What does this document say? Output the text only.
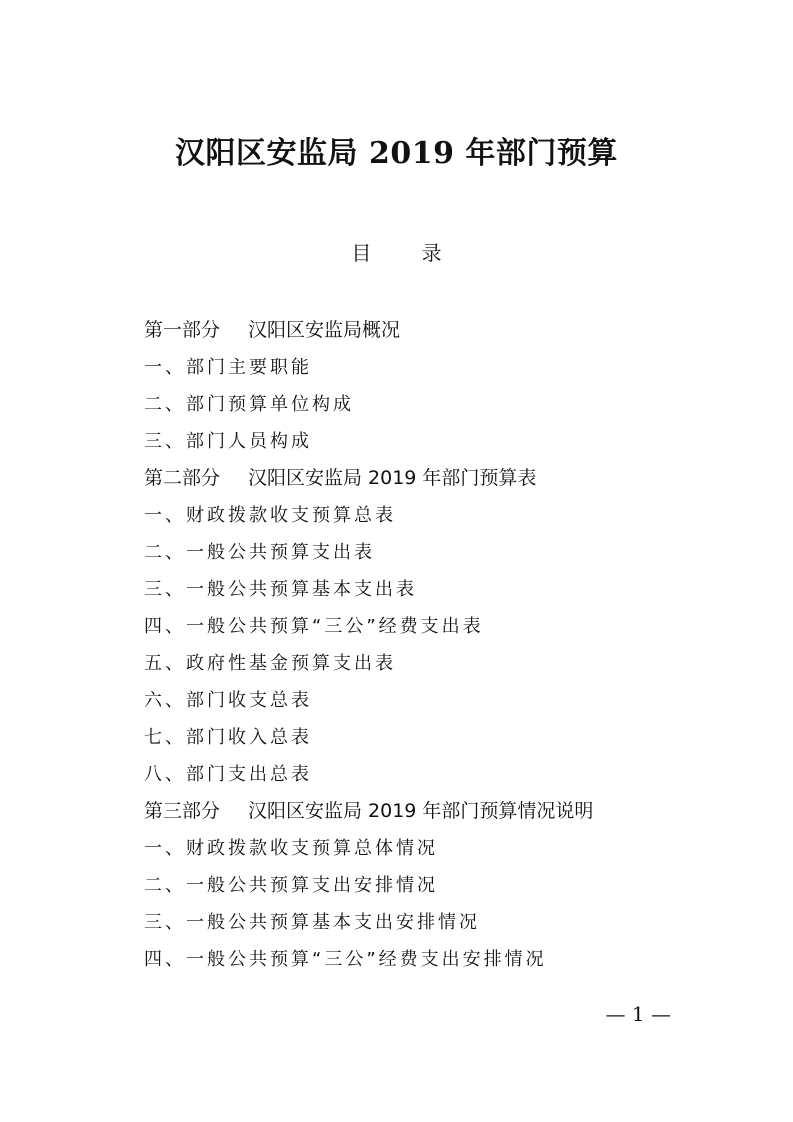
汉阳区安监局 2019 年部门预算
目 录
第一部分 汉阳区安监局概况
一、部门主要职能
二、部门预算单位构成
三、部门人员构成
第二部分 汉阳区安监局 2019 年部门预算表
一、财政拨款收支预算总表
二、一般公共预算支出表
三、一般公共预算基本支出表
四、一般公共预算“三公”经费支出表
五、政府性基金预算支出表
六、部门收支总表
七、部门收入总表
八、部门支出总表
第三部分 汉阳区安监局 2019 年部门预算情况说明
一、财政拨款收支预算总体情况
二、一般公共预算支出安排情况
三、一般公共预算基本支出安排情况
四、一般公共预算“三公”经费支出安排情况
— 1 —
